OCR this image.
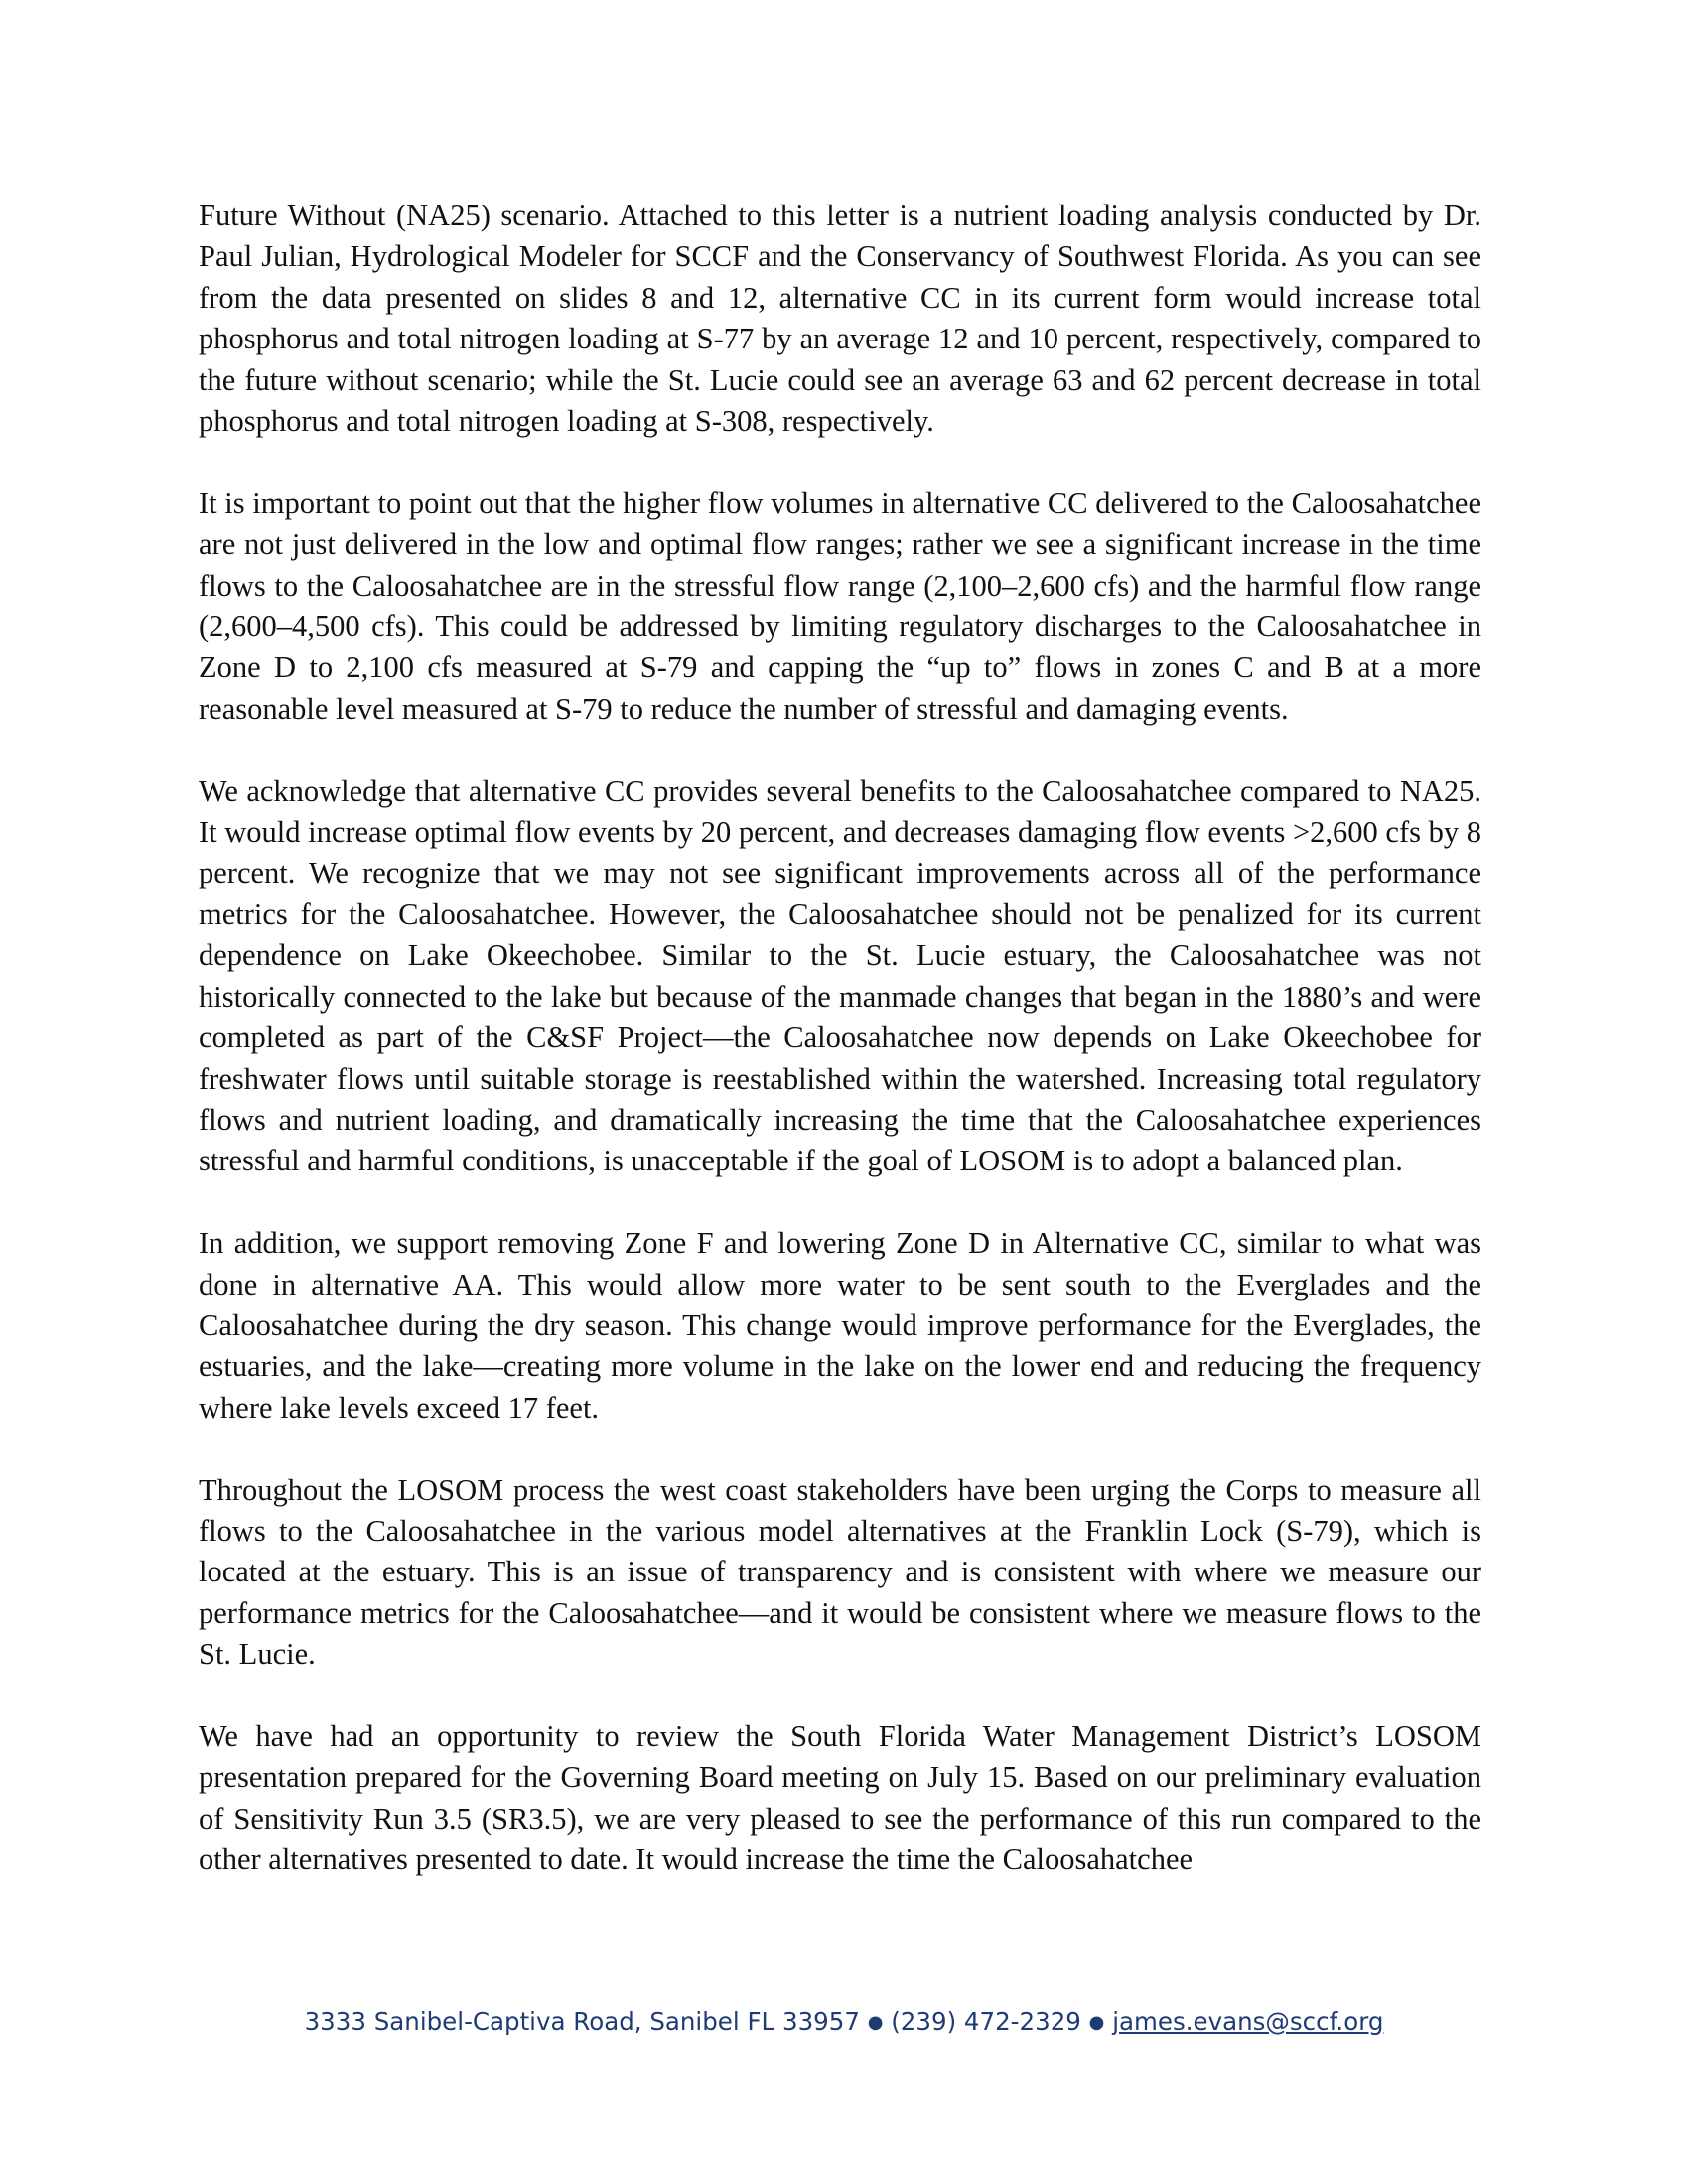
Future Without (NA25) scenario. Attached to this letter is a nutrient loading analysis conducted by Dr. Paul Julian, Hydrological Modeler for SCCF and the Conservancy of Southwest Florida. As you can see from the data presented on slides 8 and 12, alternative CC in its current form would increase total phosphorus and total nitrogen loading at S-77 by an average 12 and 10 percent, respectively, compared to the future without scenario; while the St. Lucie could see an average 63 and 62 percent decrease in total phosphorus and total nitrogen loading at S-308, respectively.

It is important to point out that the higher flow volumes in alternative CC delivered to the Caloosahatchee are not just delivered in the low and optimal flow ranges; rather we see a significant increase in the time flows to the Caloosahatchee are in the stressful flow range (2,100–2,600 cfs) and the harmful flow range (2,600–4,500 cfs). This could be addressed by limiting regulatory discharges to the Caloosahatchee in Zone D to 2,100 cfs measured at S-79 and capping the “up to” flows in zones C and B at a more reasonable level measured at S-79 to reduce the number of stressful and damaging events.

We acknowledge that alternative CC provides several benefits to the Caloosahatchee compared to NA25. It would increase optimal flow events by 20 percent, and decreases damaging flow events >2,600 cfs by 8 percent. We recognize that we may not see significant improvements across all of the performance metrics for the Caloosahatchee. However, the Caloosahatchee should not be penalized for its current dependence on Lake Okeechobee. Similar to the St. Lucie estuary, the Caloosahatchee was not historically connected to the lake but because of the manmade changes that began in the 1880’s and were completed as part of the C&SF Project—the Caloosahatchee now depends on Lake Okeechobee for freshwater flows until suitable storage is reestablished within the watershed. Increasing total regulatory flows and nutrient loading, and dramatically increasing the time that the Caloosahatchee experiences stressful and harmful conditions, is unacceptable if the goal of LOSOM is to adopt a balanced plan.

In addition, we support removing Zone F and lowering Zone D in Alternative CC, similar to what was done in alternative AA. This would allow more water to be sent south to the Everglades and the Caloosahatchee during the dry season. This change would improve performance for the Everglades, the estuaries, and the lake—creating more volume in the lake on the lower end and reducing the frequency where lake levels exceed 17 feet.

Throughout the LOSOM process the west coast stakeholders have been urging the Corps to measure all flows to the Caloosahatchee in the various model alternatives at the Franklin Lock (S-79), which is located at the estuary. This is an issue of transparency and is consistent with where we measure our performance metrics for the Caloosahatchee—and it would be consistent where we measure flows to the St. Lucie.

We have had an opportunity to review the South Florida Water Management District’s LOSOM presentation prepared for the Governing Board meeting on July 15. Based on our preliminary evaluation of Sensitivity Run 3.5 (SR3.5), we are very pleased to see the performance of this run compared to the other alternatives presented to date. It would increase the time the Caloosahatchee

3333 Sanibel-Captiva Road, Sanibel FL 33957 ● (239) 472-2329 ● james.evans@sccf.org
